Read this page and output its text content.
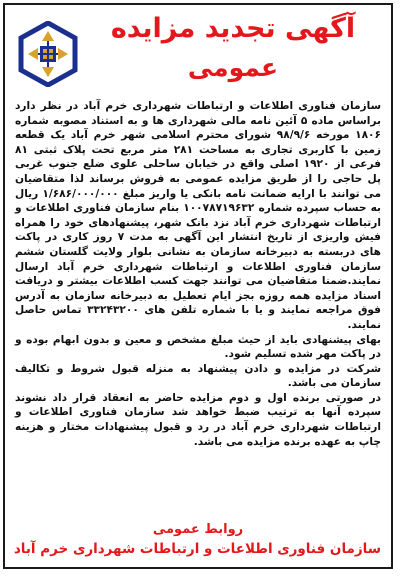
آگهی تجدید مزایده
عمومی

سازمان فناوری اطلاعات و ارتباطات شهرداری خرم آباد در نظر دارد براساس ماده ۵ آئین نامه مالی شهرداری ها و به استناد مصوبه شماره ۱۸۰۶ مورخه ۹۸/۹/۶ شورای محترم اسلامی شهر خرم آباد یک قطعه زمین با کاربری تجاری به مساحت ۲۸۱ متر مربع تحت پلاک ثبتی ۸۱ فرعی از ۱۹۲۰ اصلی واقع در خیابان ساحلی علوی ضلع جنوب غربی پل حاجی را از طریق مزایده عمومی به فروش برساند لذا متقاضیان می توانند با ارایه ضمانت نامه بانکی یا واریز مبلغ ۱/۶۸۶/۰۰۰/۰۰۰ ریال به حساب سپرده شماره ۱۰۰۷۸۷۱۹۶۳۲ بنام سازمان فناوری اطلاعات و ارتباطات شهرداری خرم آباد نزد بانک شهر، پیشنهادهای خود را همراه فیش واریزی از تاریخ انتشار این آگهی به مدت ۷ روز کاری در پاکت های دربسته به دبیرخانه سازمان به نشانی بلوار ولایت گلستان ششم سازمان فناوری اطلاعات و ارتباطات شهرداری خرم آباد ارسال نمایند.ضمنا متقاضیان می توانند جهت کسب اطلاعات بیشتر و دریافت اسناد مزایده همه روزه بجز ایام تعطیل به دبیرخانه سازمان به آدرس فوق مراجعه نمایند و یا با شماره تلفن های ۳۳۲۴۳۲۰۰ تماس حاصل نمایند.

بهای پیشنهادی باید از حیث مبلغ مشخص و معین و بدون ابهام بوده و در پاکت مهر شده تسلیم شود.

شرکت در مزایده و دادن پیشنهاد به منزله قبول شروط و تکالیف سازمان می باشد.

در صورتی برنده اول و دوم مزایده حاضر به انعقاد قرار داد نشوند سپرده آنها به ترتیب ضبط خواهد شد سازمان فناوری اطلاعات و ارتباطات شهرداری خرم آباد در رد و قبول پیشنهادات مختار و هزینه چاپ به عهده برنده مزایده می باشد.

روابط عمومی
سازمان فناوری اطلاعات و ارتباطات شهرداری خرم آباد
